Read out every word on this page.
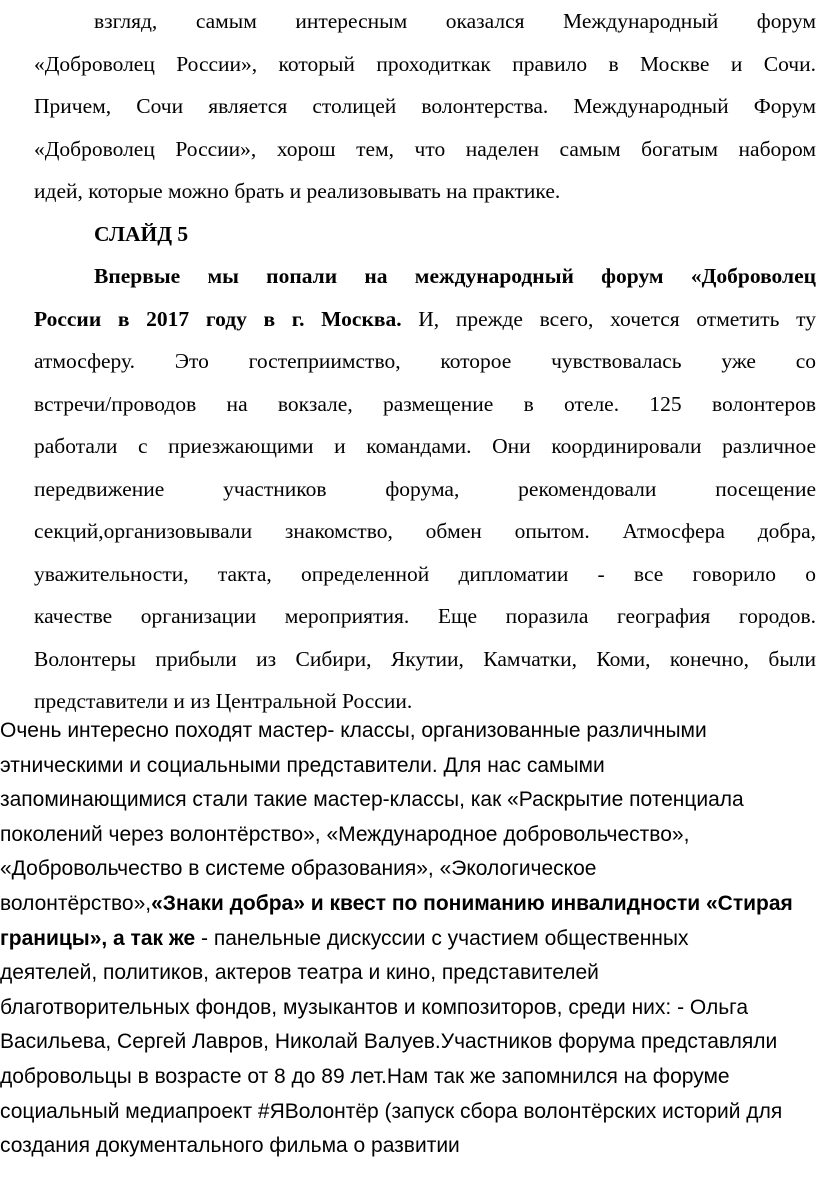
взгляд, самым интересным оказался Международный форум
«Доброволец России», который проходиткак правило в Москве и Сочи.
Причем, Сочи является столицей волонтерства. Международный Форум
«Доброволец России», хорош тем, что наделен самым богатым набором
идей, которые можно брать и реализовывать на практике.
СЛАЙД 5
Впервые мы попали на международный форум «Доброволец
России в 2017 году в г. Москва. И, прежде всего, хочется отметить ту
атмосферу. Это гостеприимство, которое чувствовалась уже со
встречи/проводов на вокзале, размещение в отеле. 125 волонтеров
работали с приезжающими и командами. Они координировали различное
передвижение участников форума, рекомендовали посещение
секций,организовывали знакомство, обмен опытом. Атмосфера добра,
уважительности, такта, определенной дипломатии - все говорило о
качестве организации мероприятия. Еще поразила география городов.
Волонтеры прибыли из Сибири, Якутии, Камчатки, Коми, конечно, были
представители и из Центральной России.
Очень интересно походят мастер- классы, организованные различными
этническими и социальными представители. Для нас самыми
запоминающимися стали такие мастер-классы, как «Раскрытие потенциала
поколений через волонтёрство», «Международное добровольчество»,
«Добровольчество в системе образования», «Экологическое
волонтёрство»,«Знаки добра» и квест по пониманию инвалидности «Стирая
границы», а так же - панельные дискуссии с участием общественных
деятелей, политиков, актеров театра и кино, представителей
благотворительных фондов, музыкантов и композиторов, среди них: - Ольга
Васильева, Сергей Лавров, Николай Валуев.Участников форума представляли
добровольцы в возрасте от 8 до 89 лет.Нам так же запомнился на форуме
социальный медиапроект #ЯВолонтёр (запуск сбора волонтёрских историй для
создания документального фильма о развитии
